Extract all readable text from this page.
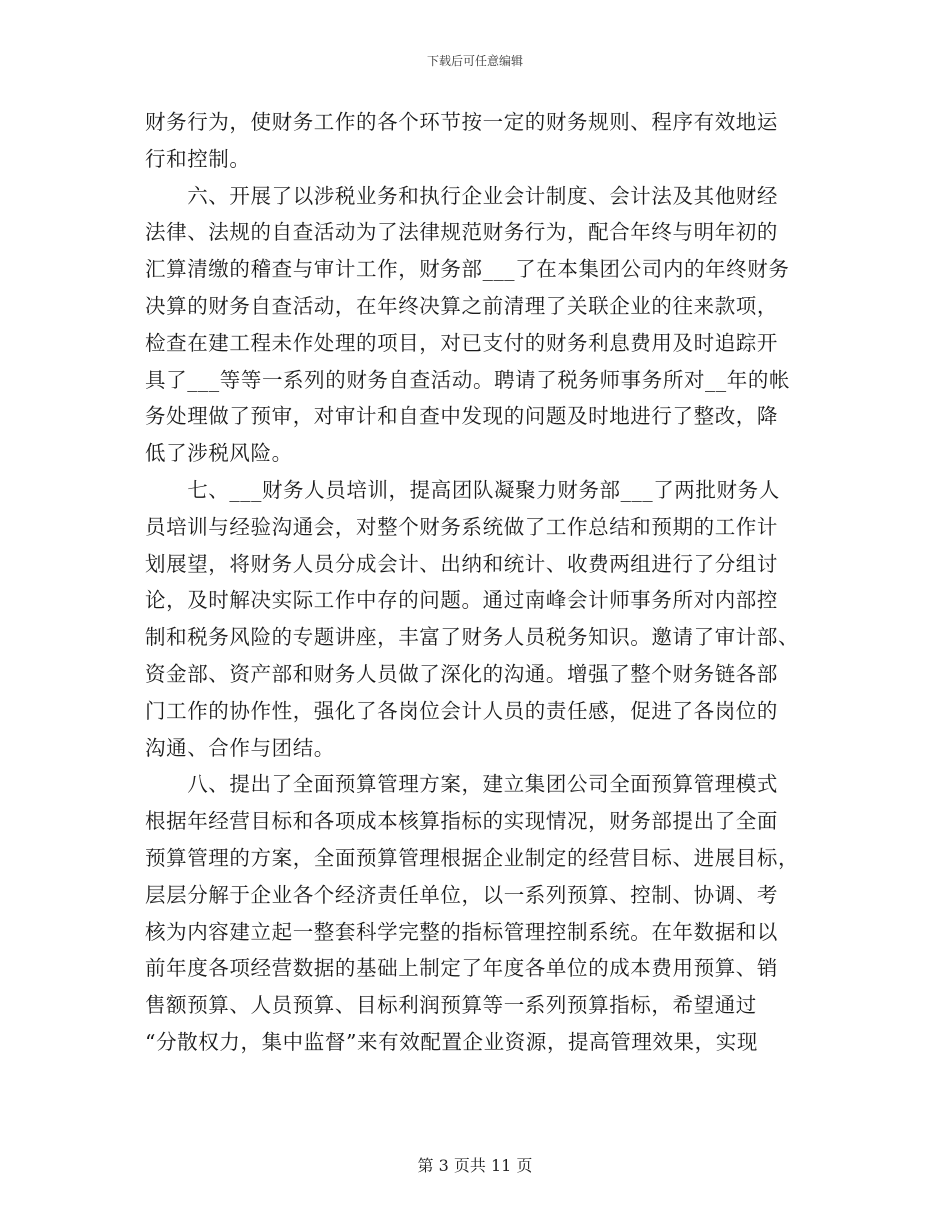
下载后可任意编辑
财务行为，使财务工作的各个环节按一定的财务规则、程序有效地运
行和控制。
　　六、开展了以涉税业务和执行企业会计制度、会计法及其他财经
法律、法规的自查活动为了法律规范财务行为，配合年终与明年初的
汇算清缴的稽查与审计工作，财务部___了在本集团公司内的年终财务
决算的财务自查活动，在年终决算之前清理了关联企业的往来款项，
检查在建工程未作处理的项目，对已支付的财务利息费用及时追踪开
具了___等等一系列的财务自查活动。聘请了税务师事务所对__年的帐
务处理做了预审，对审计和自查中发现的问题及时地进行了整改，降
低了涉税风险。
　　七、___财务人员培训，提高团队凝聚力财务部___了两批财务人
员培训与经验沟通会，对整个财务系统做了工作总结和预期的工作计
划展望，将财务人员分成会计、出纳和统计、收费两组进行了分组讨
论，及时解决实际工作中存的问题。通过南峰会计师事务所对内部控
制和税务风险的专题讲座，丰富了财务人员税务知识。邀请了审计部、
资金部、资产部和财务人员做了深化的沟通。增强了整个财务链各部
门工作的协作性，强化了各岗位会计人员的责任感，促进了各岗位的
沟通、合作与团结。
　　八、提出了全面预算管理方案，建立集团公司全面预算管理模式
根据年经营目标和各项成本核算指标的实现情况，财务部提出了全面
预算管理的方案，全面预算管理根据企业制定的经营目标、进展目标，
层层分解于企业各个经济责任单位，以一系列预算、控制、协调、考
核为内容建立起一整套科学完整的指标管理控制系统。在年数据和以
前年度各项经营数据的基础上制定了年度各单位的成本费用预算、销
售额预算、人员预算、目标利润预算等一系列预算指标，希望通过
“分散权力，集中监督”来有效配置企业资源，提高管理效果，实现
第 3 页共 11 页
